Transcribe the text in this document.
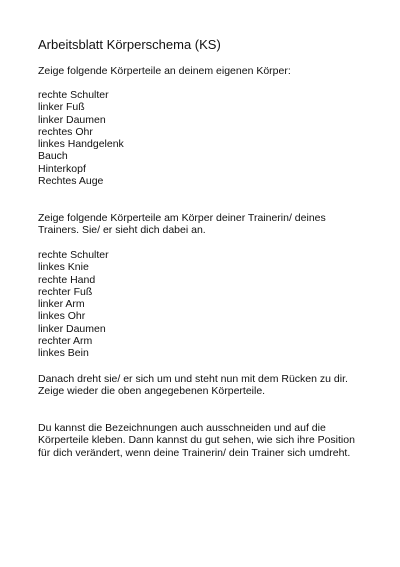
Arbeitsblatt Körperschema (KS)

Zeige folgende Körperteile an deinem eigenen Körper:

rechte Schulter
linker Fuß
linker Daumen
rechtes Ohr
linkes Handgelenk
Bauch
Hinterkopf
Rechtes Auge

Zeige folgende Körperteile am Körper deiner Trainerin/ deines Trainers. Sie/ er sieht dich dabei an.

rechte Schulter
linkes Knie
rechte Hand
rechter Fuß
linker Arm
linkes Ohr
linker Daumen
rechter Arm
linkes Bein

Danach dreht sie/ er sich um und steht nun mit dem Rücken zu dir. Zeige wieder die oben angegebenen Körperteile.

Du kannst die Bezeichnungen auch ausschneiden und auf die Körperteile kleben. Dann kannst du gut sehen, wie sich ihre Position für dich verändert, wenn deine Trainerin/ dein Trainer sich umdreht.
